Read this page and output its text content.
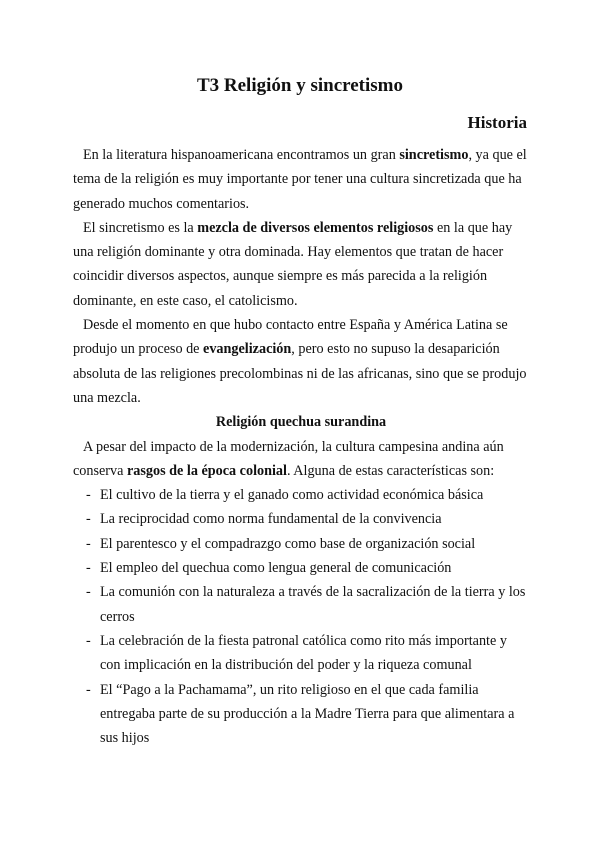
T3 Religión y sincretismo
Historia

En la literatura hispanoamericana encontramos un gran sincretismo, ya que el tema de la religión es muy importante por tener una cultura sincretizada que ha generado muchos comentarios.

El sincretismo es la mezcla de diversos elementos religiosos en la que hay una religión dominante y otra dominada. Hay elementos que tratan de hacer coincidir diversos aspectos, aunque siempre es más parecida a la religión dominante, en este caso, el catolicismo.

Desde el momento en que hubo contacto entre España y América Latina se produjo un proceso de evangelización, pero esto no supuso la desaparición absoluta de las religiones precolombinas ni de las africanas, sino que se produjo una mezcla.

Religión quechua surandina

A pesar del impacto de la modernización, la cultura campesina andina aún conserva rasgos de la época colonial. Alguna de estas características son:

- El cultivo de la tierra y el ganado como actividad económica básica
- La reciprocidad como norma fundamental de la convivencia
- El parentesco y el compadrazgo como base de organización social
- El empleo del quechua como lengua general de comunicación
- La comunión con la naturaleza a través de la sacralización de la tierra y los cerros
- La celebración de la fiesta patronal católica como rito más importante y con implicación en la distribución del poder y la riqueza comunal
- El “Pago a la Pachamama”, un rito religioso en el que cada familia entregaba parte de su producción a la Madre Tierra para que alimentara a sus hijos
